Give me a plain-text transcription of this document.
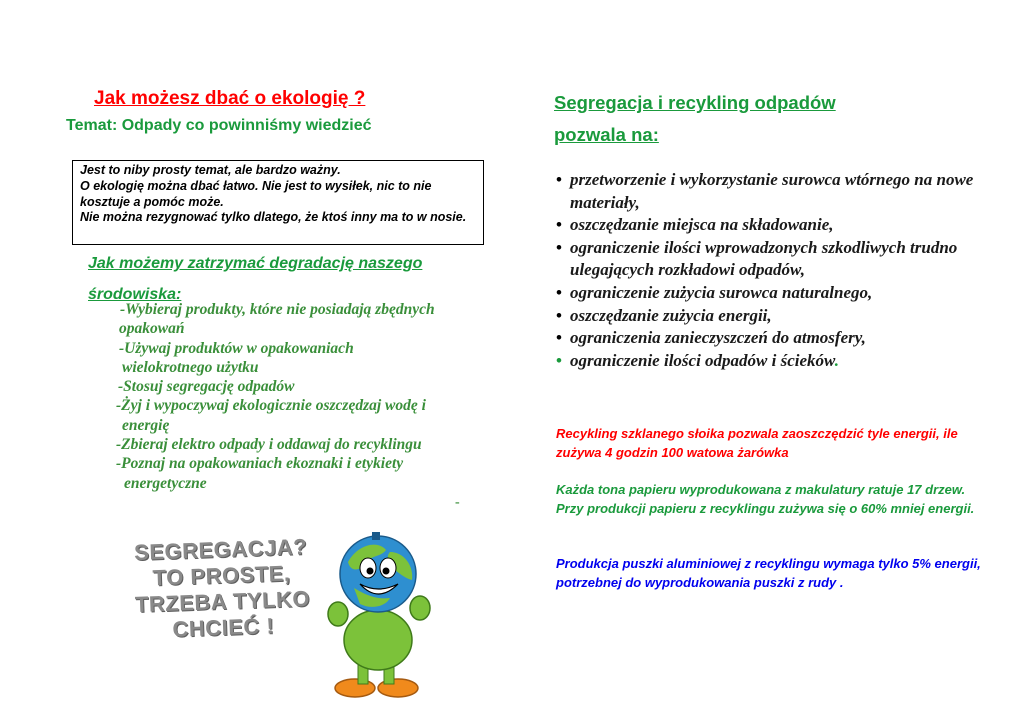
Jak możesz dbać o ekologię ?
Temat: Odpady co powinniśmy wiedzieć

Jest to niby prosty temat, ale bardzo ważny.

O ekologię można dbać łatwo. Nie jest to wysiłek, nic to nie kosztuje a pomóc może.

Nie można rezygnować tylko dlatego, że ktoś inny ma to w nosie.

Jak możemy zatrzymać degradację naszego środowiska:
-Wybieraj produkty, które nie posiadają zbędnych
opakowań
-Używaj produktów w opakowaniach
wielokrotnego użytku
-Stosuj segregację odpadów
-Żyj i wypoczywaj ekologicznie oszczędzaj wodę i
energię
-Zbieraj elektro odpady i oddawaj do recyklingu
-Poznaj na opakowaniach ekoznaki i etykiety
energetyczne
-
SEGREGACJA?
TO PROSTE,
TRZEBA TYLKO
CHCIEĆ !
Segregacja i recykling odpadów
pozwala na:
• przetworzenie i wykorzystanie surowca wtórnego na nowe materiały,
• oszczędzanie miejsca na składowanie,
• ograniczenie ilości wprowadzonych szkodliwych trudno ulegających rozkładowi odpadów,
• ograniczenie zużycia surowca naturalnego,
• oszczędzanie zużycia energii,
• ograniczenia zanieczyszczeń do atmosfery,
• ograniczenie ilości odpadów i ścieków.
Recykling szklanego słoika pozwala zaoszczędzić tyle energii, ile zużywa 4 godzin 100 watowa żarówka
Każda tona papieru wyprodukowana z makulatury ratuje 17 drzew. Przy produkcji papieru z recyklingu zużywa się o 60% mniej energii.
Produkcja puszki aluminiowej z recyklingu wymaga tylko 5% energii, potrzebnej do wyprodukowania puszki z rudy .
